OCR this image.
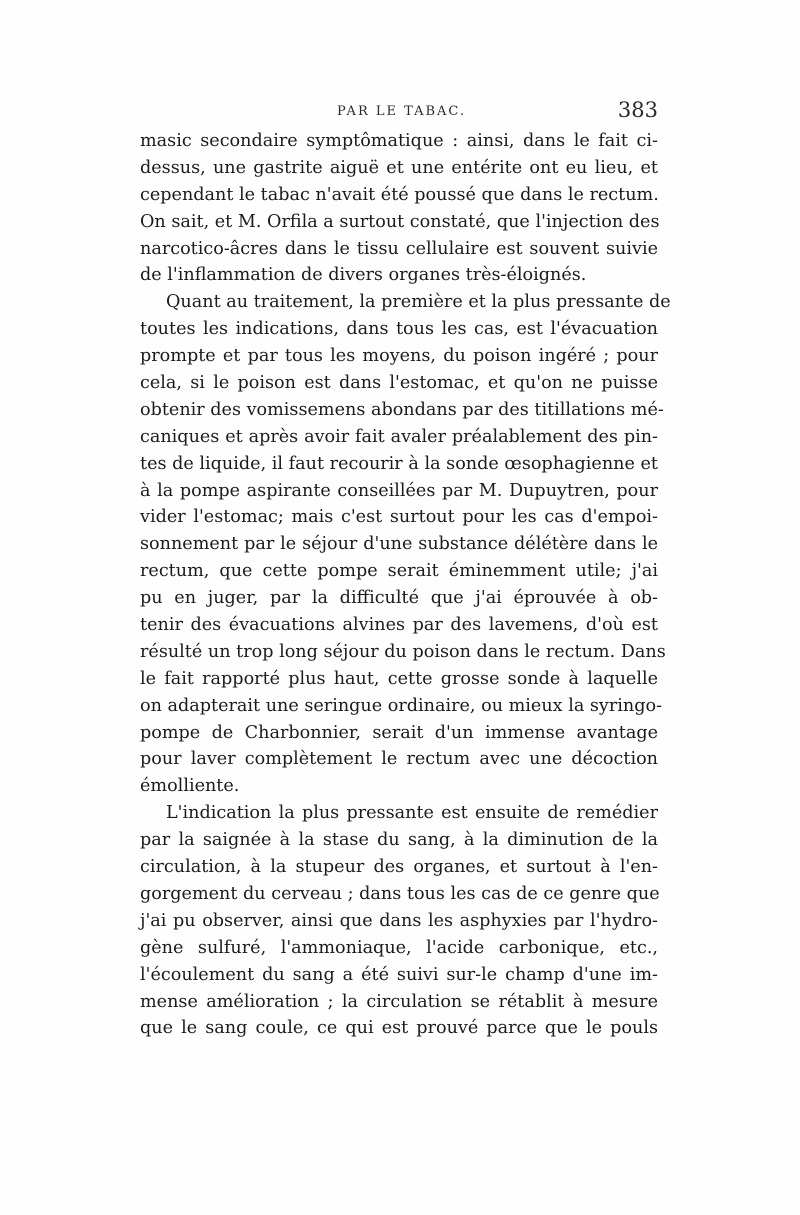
PAR LE TABAC.	383
masic secondaire symptômatique : ainsi, dans le fait ci-
dessus, une gastrite aiguë et une entérite ont eu lieu, et
cependant le tabac n'avait été poussé que dans le rectum.
On sait, et M. Orfila a surtout constaté, que l'injection des
narcotico-âcres dans le tissu cellulaire est souvent suivie
de l'inflammation de divers organes très-éloignés.
Quant au traitement, la première et la plus pressante de
toutes les indications, dans tous les cas, est l'évacuation
prompte et par tous les moyens, du poison ingéré ; pour
cela, si le poison est dans l'estomac, et qu'on ne puisse
obtenir des vomissemens abondans par des titillations mé-
caniques et après avoir fait avaler préalablement des pin-
tes de liquide, il faut recourir à la sonde œsophagienne et
à la pompe aspirante conseillées par M. Dupuytren, pour
vider l'estomac; mais c'est surtout pour les cas d'empoi-
sonnement par le séjour d'une substance délétère dans le
rectum, que cette pompe serait éminemment utile; j'ai
pu en juger, par la difficulté que j'ai éprouvée à ob-
tenir des évacuations alvines par des lavemens, d'où est
résulté un trop long séjour du poison dans le rectum. Dans
le fait rapporté plus haut, cette grosse sonde à laquelle
on adapterait une seringue ordinaire, ou mieux la syringo-
pompe de Charbonnier, serait d'un immense avantage
pour laver complètement le rectum avec une décoction
émolliente.
L'indication la plus pressante est ensuite de remédier
par la saignée à la stase du sang, à la diminution de la
circulation, à la stupeur des organes, et surtout à l'en-
gorgement du cerveau ; dans tous les cas de ce genre que
j'ai pu observer, ainsi que dans les asphyxies par l'hydro-
gène sulfuré, l'ammoniaque, l'acide carbonique, etc.,
l'écoulement du sang a été suivi sur-le champ d'une im-
mense amélioration ; la circulation se rétablit à mesure
que le sang coule, ce qui est prouvé parce que le pouls
